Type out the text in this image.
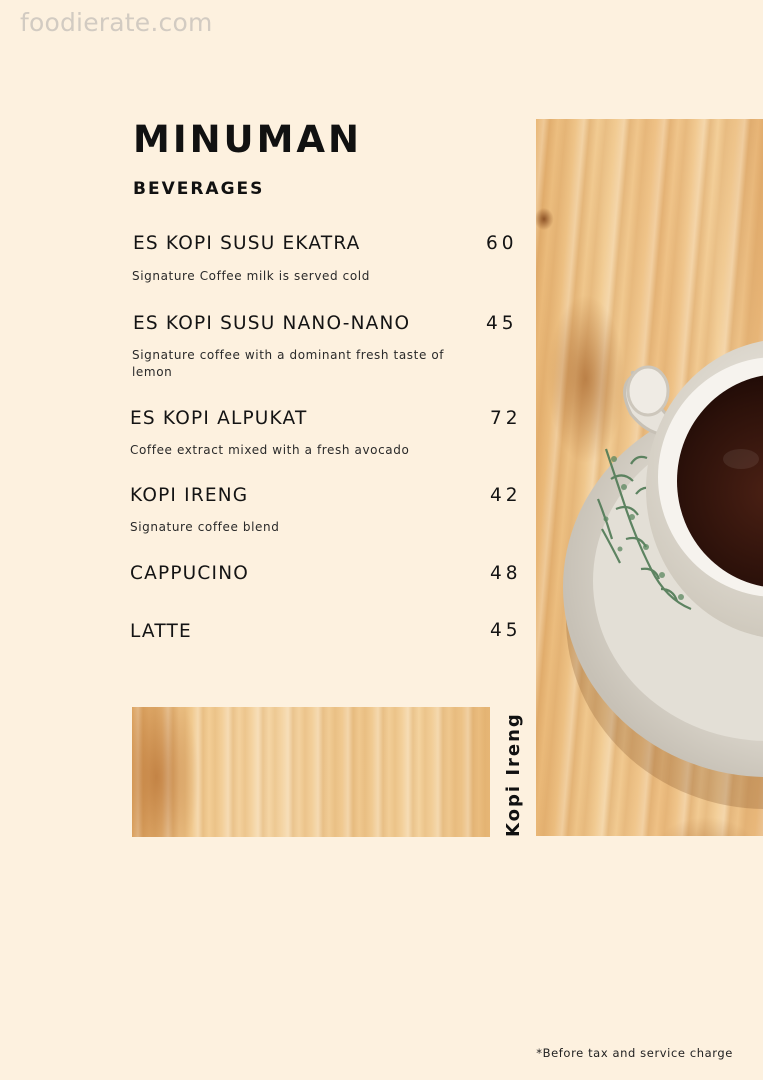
foodierate.com
MINUMAN
BEVERAGES
ES KOPI SUSU EKATRA	60
Signature Coffee milk is served cold
ES KOPI SUSU NANO-NANO	45
Signature coffee with a dominant fresh taste of lemon
ES KOPI ALPUKAT	72
Coffee extract mixed with a fresh avocado
KOPI IRENG	42
Signature coffee blend
CAPPUCINO	48
LATTE	45
Kopi Ireng
*Before tax and service charge
